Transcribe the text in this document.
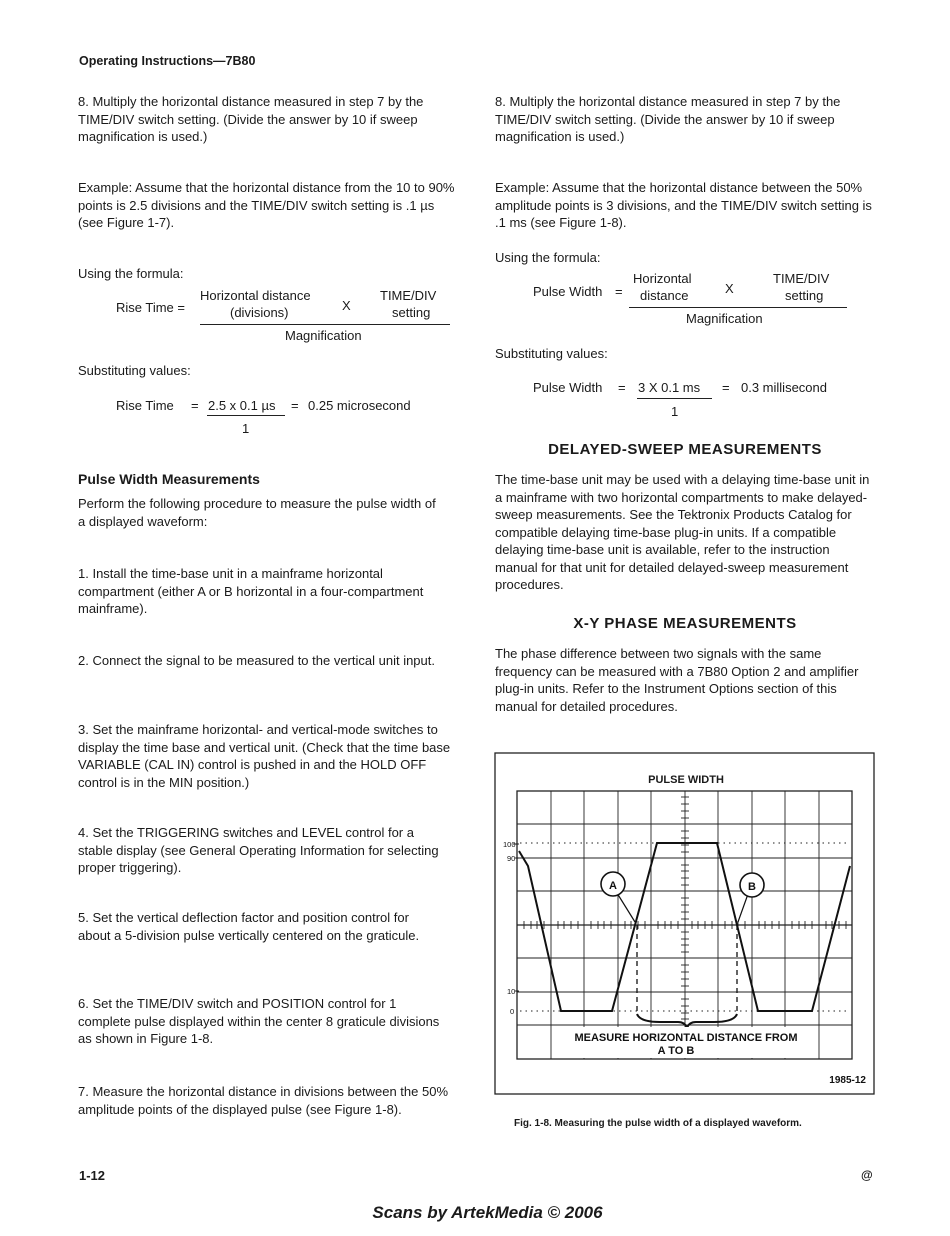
Operating Instructions—7B80

8. Multiply the horizontal distance measured in step 7 by the TIME/DIV switch setting. (Divide the answer by 10 if sweep magnification is used.)

Example: Assume that the horizontal distance from the 10 to 90% points is 2.5 divisions and the TIME/DIV switch setting is .1 µs (see Figure 1-7).

Using the formula:

Rise Time =

Horizontal distance

(divisions)	X

TIME/DIV

setting

Magnification

Substituting values:

Rise Time = 2.5 x 0.1 µs = 0.25 microsecond

1

Pulse Width Measurements

Perform the following procedure to measure the pulse width of a displayed waveform:

1. Install the time-base unit in a mainframe horizontal compartment (either A or B horizontal in a four-compartment mainframe).

2. Connect the signal to be measured to the vertical unit input.

3. Set the mainframe horizontal- and vertical-mode switches to display the time base and vertical unit. (Check that the time base VARIABLE (CAL IN) control is pushed in and the HOLD OFF control is in the MIN position.)

4. Set the TRIGGERING switches and LEVEL control for a stable display (see General Operating Information for selecting proper triggering).

5. Set the vertical deflection factor and position control for about a 5-division pulse vertically centered on the graticule.

6. Set the TIME/DIV switch and POSITION control for 1 complete pulse displayed within the center 8 graticule divisions as shown in Figure 1-8.

7. Measure the horizontal distance in divisions between the 50% amplitude points of the displayed pulse (see Figure 1-8).

8. Multiply the horizontal distance measured in step 7 by the TIME/DIV switch setting. (Divide the answer by 10 if sweep magnification is used.)

Example: Assume that the horizontal distance between the 50% amplitude points is 3 divisions, and the TIME/DIV switch setting is .1 ms (see Figure 1-8).

Using the formula:

Pulse Width =

Horizontal

distance	X

TIME/DIV

setting

Magnification

Substituting values:

Pulse Width = 3 X 0.1 ms = 0.3 millisecond

1

DELAYED-SWEEP MEASUREMENTS

The time-base unit may be used with a delaying time-base unit in a mainframe with two horizontal compartments to make delayed-sweep measurements. See the Tektronix Products Catalog for compatible delaying time-base plug-in units. If a compatible delaying time-base unit is available, refer to the instruction manual for that unit for detailed delayed-sweep measurement procedures.

X-Y PHASE MEASUREMENTS

The phase difference between two signals with the same frequency can be measured with a 7B80 Option 2 and amplifier plug-in units. Refer to the Instrument Options section of this manual for detailed procedures.

PULSE WIDTH
A	B
100
90
10
0
MEASURE HORIZONTAL DISTANCE FROM
A TO B
1985-12
Fig. 1-8. Measuring the pulse width of a displayed waveform.
1-12	@
Scans by ArtekMedia © 2006
